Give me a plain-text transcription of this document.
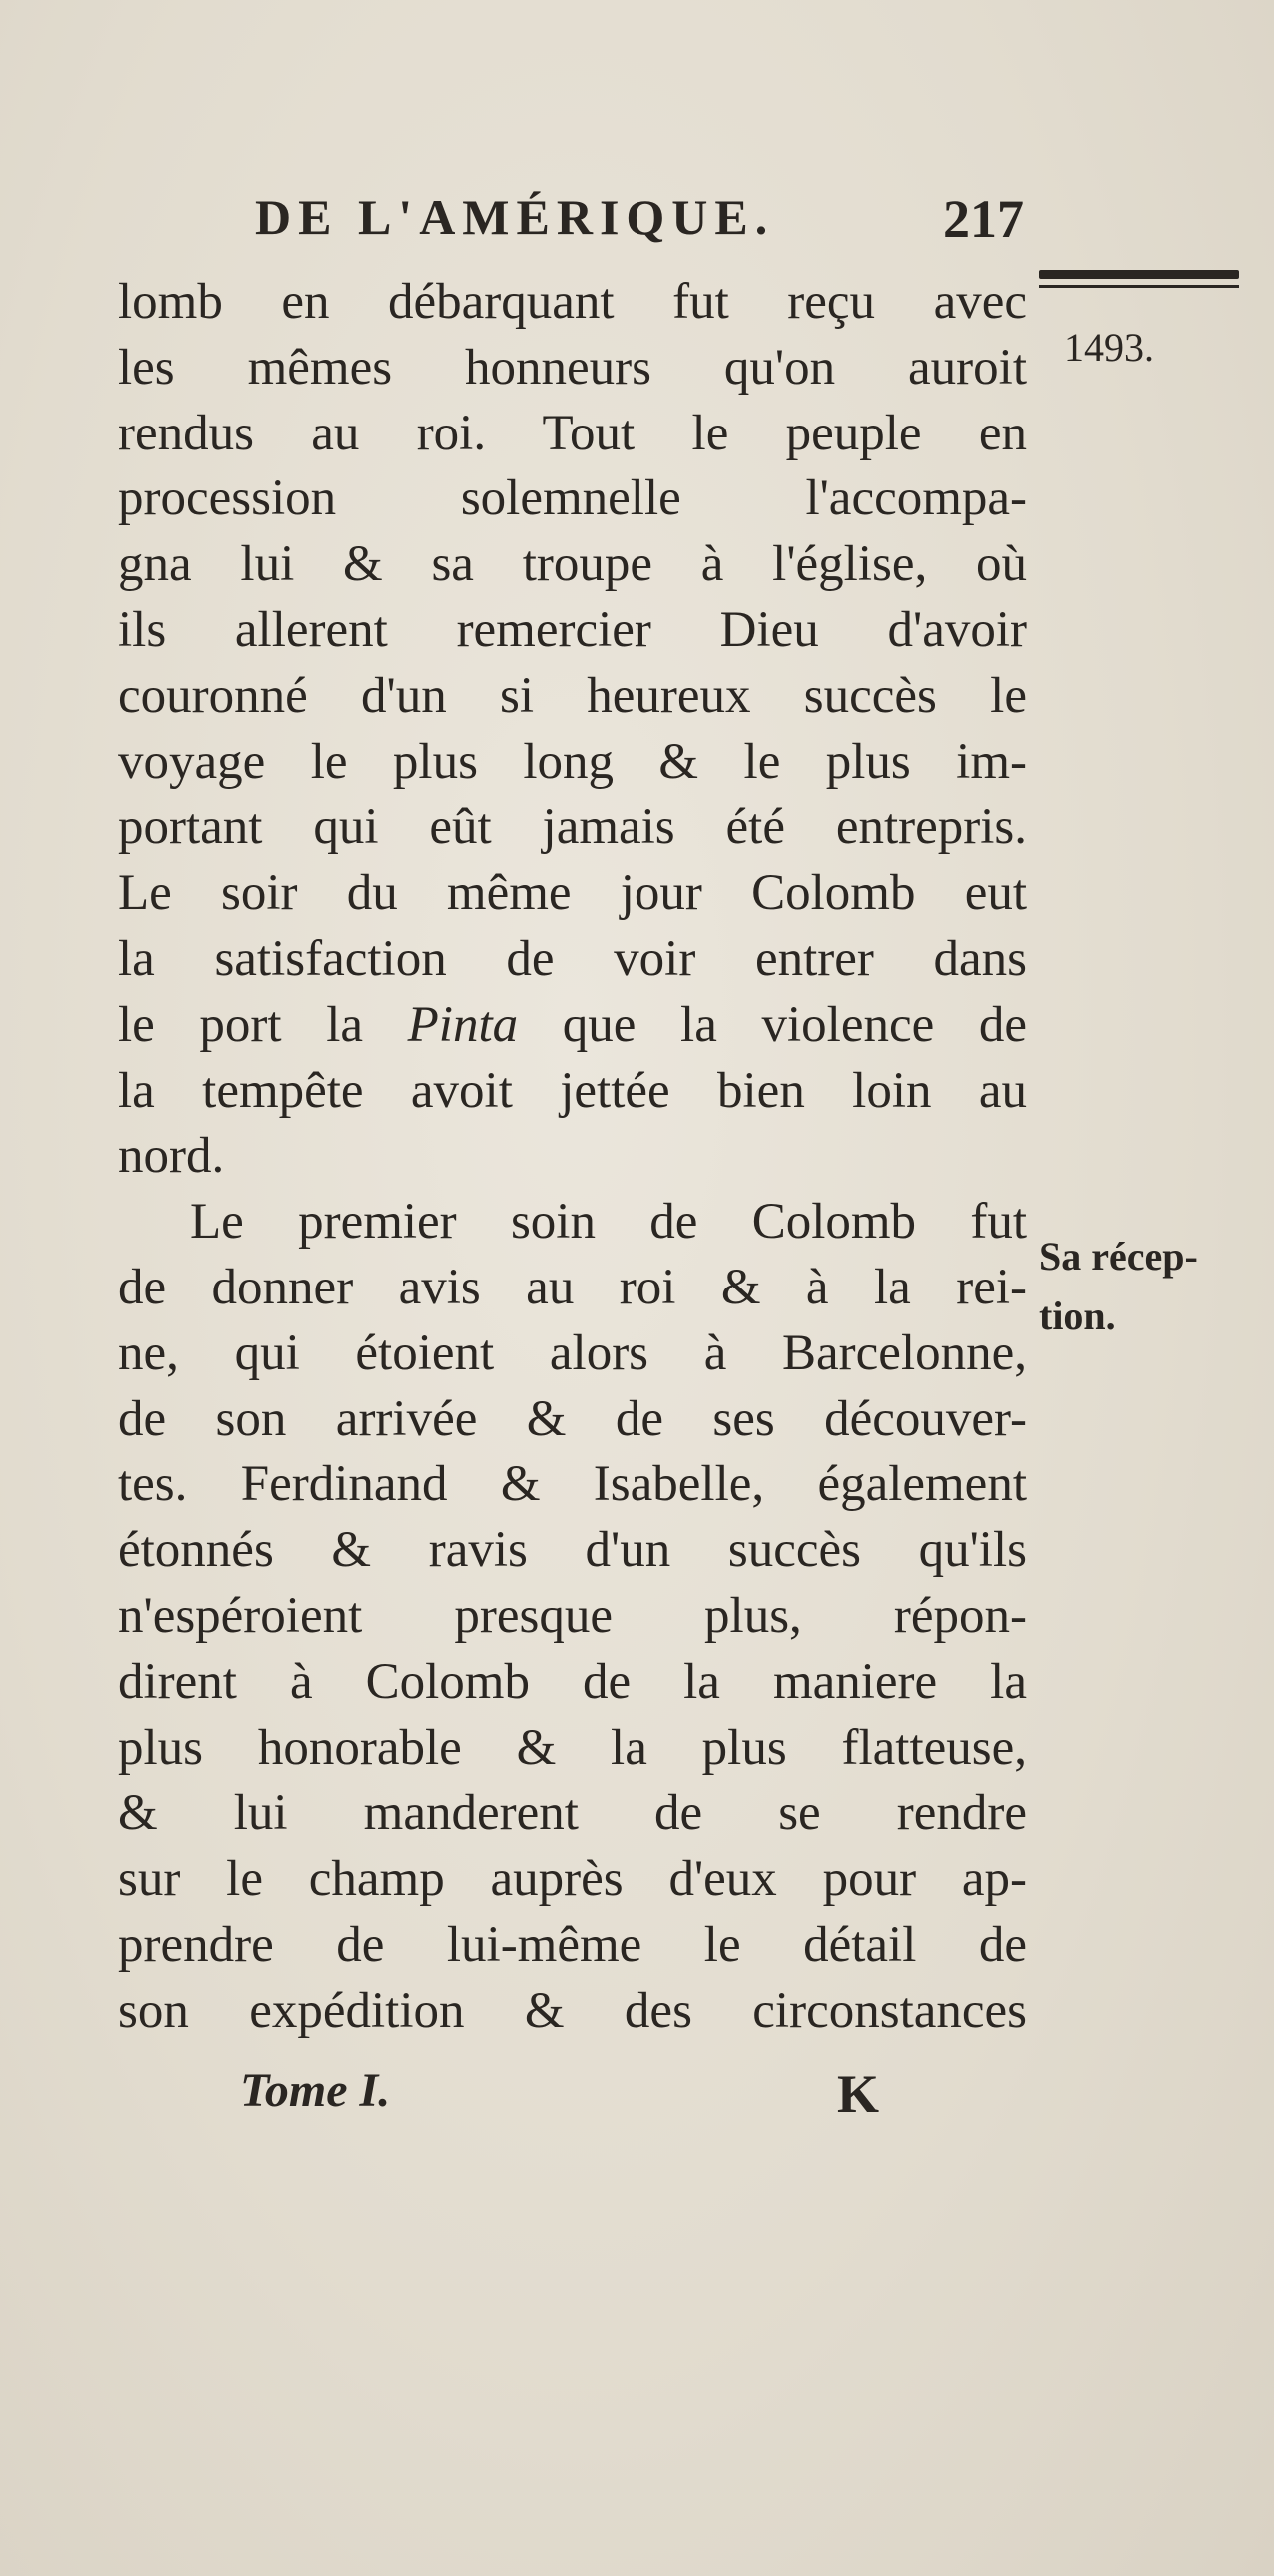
DE L'AMÉRIQUE.	217
1493.
Sa récep-
tion.
lomb en débarquant fut reçu avec
les mêmes honneurs qu'on auroit
rendus au roi. Tout le peuple en
procession solemnelle l'accompa-
gna lui & sa troupe à l'église, où
ils allerent remercier Dieu d'avoir
couronné d'un si heureux succès le
voyage le plus long & le plus im-
portant qui eût jamais été entrepris.
Le soir du même jour Colomb eut
la satisfaction de voir entrer dans
le port la Pinta que la violence de
la tempête avoit jettée bien loin au
nord.
Le premier soin de Colomb fut
de donner avis au roi & à la rei-
ne, qui étoient alors à Barcelonne,
de son arrivée & de ses découver-
tes. Ferdinand & Isabelle, également
étonnés & ravis d'un succès qu'ils
n'espéroient presque plus, répon-
dirent à Colomb de la maniere la
plus honorable & la plus flatteuse,
& lui manderent de se rendre
sur le champ auprès d'eux pour ap-
prendre de lui-même le détail de
son expédition & des circonstances
Tome I.	K
